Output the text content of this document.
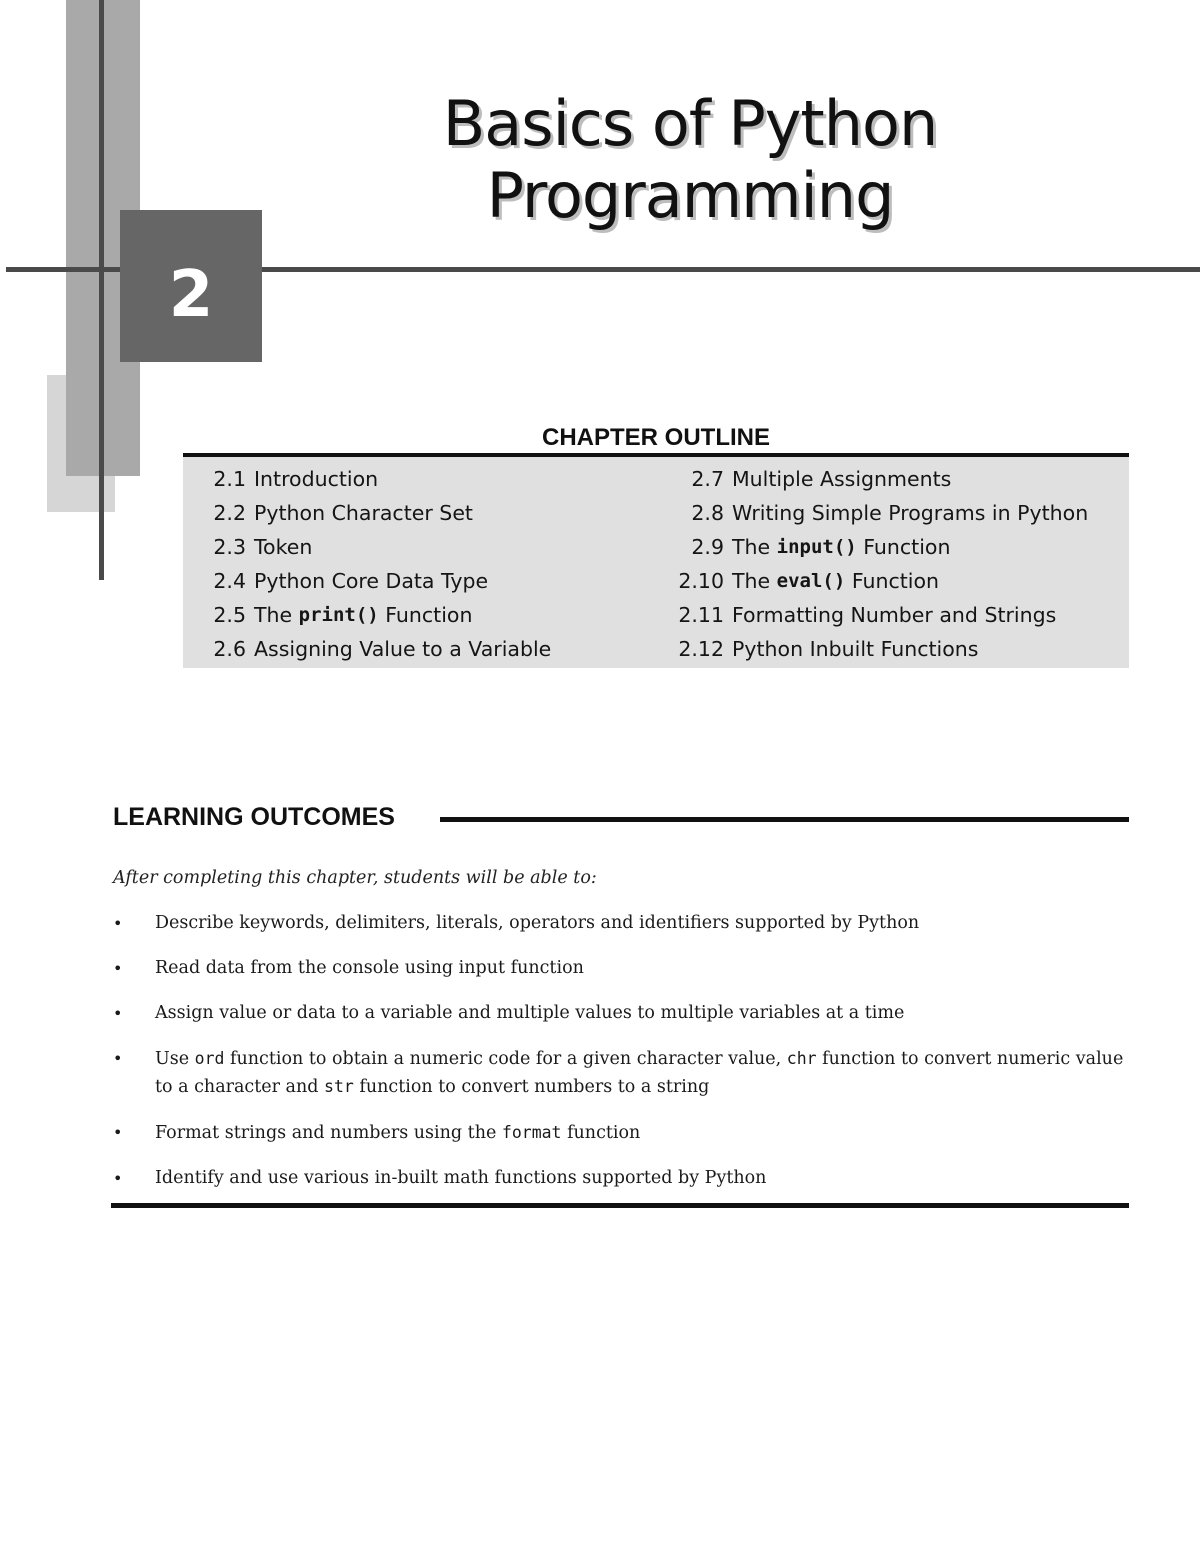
2
Basics of Python
Programming
CHAPTER OUTLINE
2.1 Introduction
2.2 Python Character Set
2.3 Token
2.4 Python Core Data Type
2.5 The print() Function
2.6 Assigning Value to a Variable
2.7 Multiple Assignments
2.8 Writing Simple Programs in Python
2.9 The input() Function
2.10 The eval() Function
2.11 Formatting Number and Strings
2.12 Python Inbuilt Functions
LEARNING OUTCOMES
After completing this chapter, students will be able to:
• Describe keywords, delimiters, literals, operators and identifiers supported by Python
• Read data from the console using input function
• Assign value or data to a variable and multiple values to multiple variables at a time
• Use ord function to obtain a numeric code for a given character value, chr function to convert numeric value to a character and str function to convert numbers to a string
• Format strings and numbers using the format function
• Identify and use various in-built math functions supported by Python
